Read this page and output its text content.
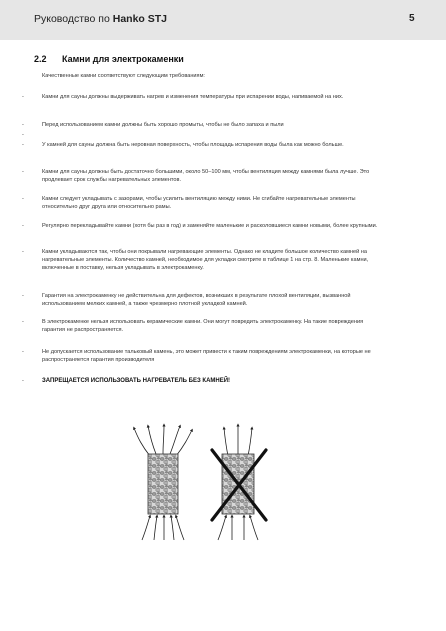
Руководство по Hanko STJ	5
2.2 Камни для электрокаменки
Качественные камни соответствуют следующим требованиям:
-	Камни для сауны должны выдерживать нагрев и изменения температуры при испарении воды, напиваемой на них.
-	Перед использованием камни должны быть хорошо промыты, чтобы не было запаха и пыли
-
-	У камней для сауны должна быть неровная поверхность, чтобы площадь испарения воды была как можно больше.
-	Камни для сауны должны быть достаточно большими, около 50–100 мм, чтобы вентиляция между камнями была лучше. Это продлевает срок службы нагревательных элементов.
-	Камни следует укладывать с зазорами, чтобы усилить вентиляцию между ними. Не сгибайте нагревательные элементы относительно друг друга или относительно рамы.
-	Регулярно перекладывайте камни (хотя бы раз в год) и заменяйте маленькие и расколовшиеся камни новыми, более крупными.
-	Камни укладываются так, чтобы они покрывали нагревающие элементы. Однако не кладите большое количество камней на нагревательные элементы. Количество камней, необходимое для укладки смотрите в таблице 1 на стр. 8. Маленькие камни, включенные в поставку, нельзя укладывать в электрокаменку.
-	Гарантия на электрокаменку не действительна для дефектов, возникших в результате плохой вентиляции, вызванной использованием мелких камней, а также чрезмерно плотной укладкой камней.
-	В электрокаменке нельзя использовать керамические камни. Они могут повредить электрокаменку. На такие повреждения гарантия не распространяется.
-	Не допускается использование тальковый камень, это может привести к таким повреждениям электрокаменки, на которые не распространяется гарантия производителя
-	ЗАПРЕЩАЕТСЯ ИСПОЛЬЗОВАТЬ НАГРЕВАТЕЛЬ БЕЗ КАМНЕЙ!
